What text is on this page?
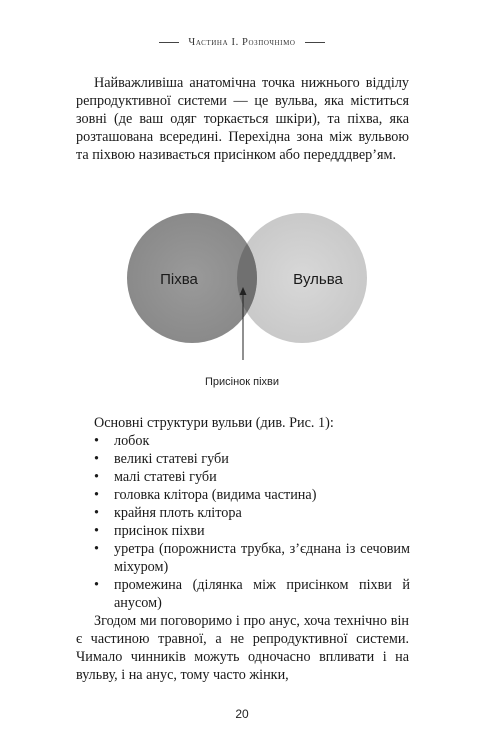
Частина I. Розпочнімо

Найважливіша анатомічна точка нижнього відділу репродуктивної системи — це вульва, яка міститься зовні (де ваш одяг торкається шкіри), та піхва, яка розташована всередині. Перехідна зона між вульвою та піхвою називається присінком або передддвер’ям.

Піхва	Вульва
Присінок піхви

Основні структури вульви (див. Рис. 1):

• лобок
• великі статеві губи
• малі статеві губи
• головка клітора (видима частина)
• крайня плоть клітора
• присінок піхви
• уретра (порожниста трубка, з’єднана із сечовим міхуром)
• промежина (ділянка між присінком піхви й анусом)

Згодом ми поговоримо і про анус, хоча технічно він є частиною травної, а не репродуктивної системи. Чимало чинників можуть одночасно впливати і на вульву, і на анус, тому часто жінки,

20
